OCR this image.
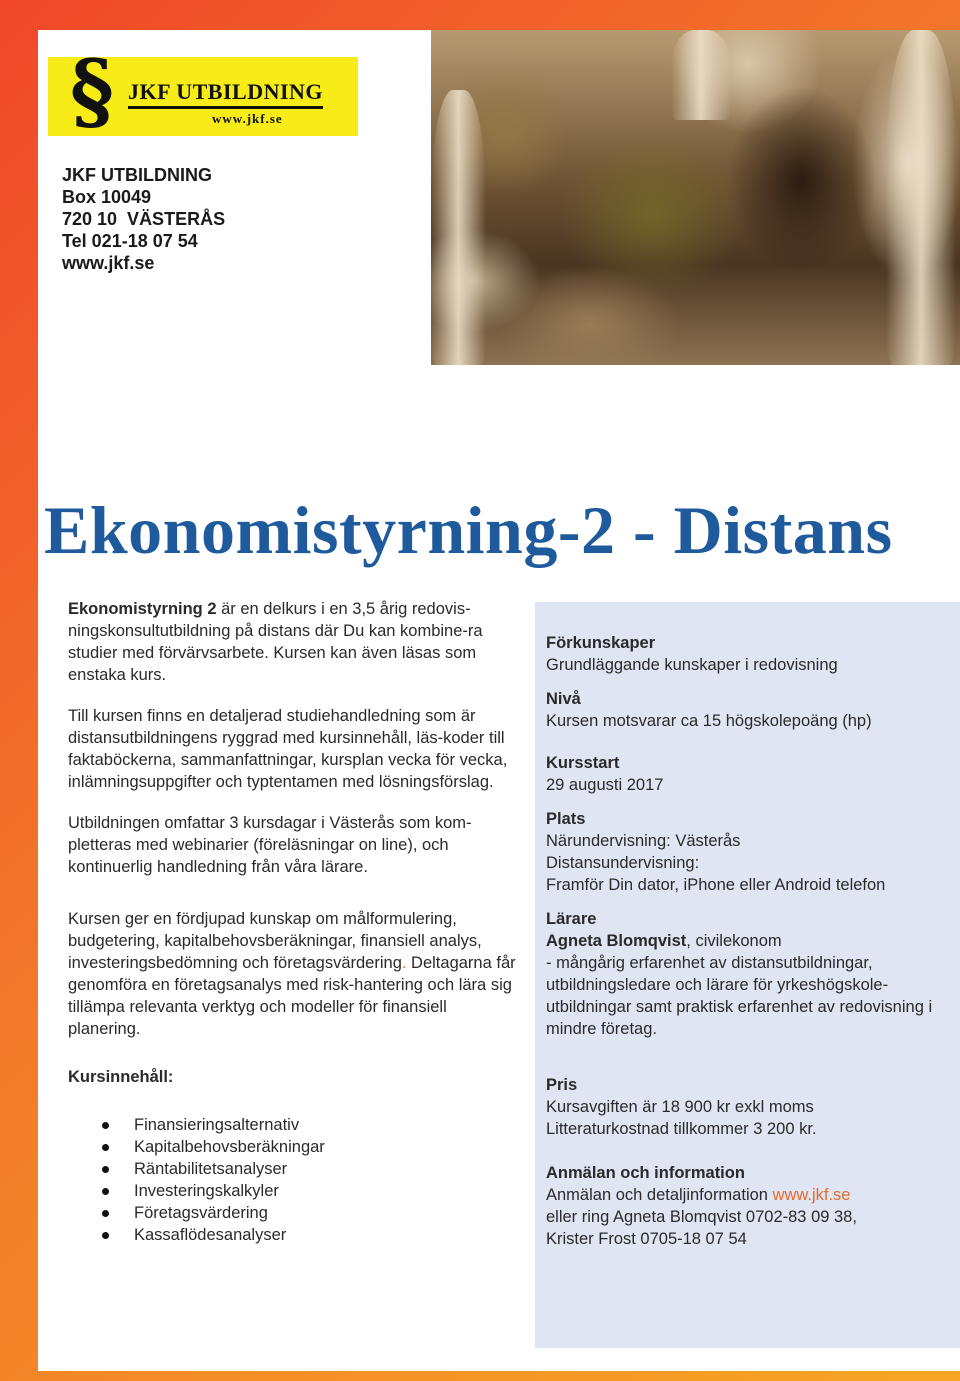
§ JKF UTBILDNING
www.jkf.se
JKF UTBILDNING
Box 10049
720 10  VÄSTERÅS
Tel 021-18 07 54
www.jkf.se
Ekonomistyrning-2 - Distans

Ekonomistyrning 2 är en delkurs i en 3,5 årig redovis-ningskonsultutbildning på distans där Du kan kombine-ra studier med förvärvsarbete. Kursen kan även läsas som enstaka kurs.

Till kursen finns en detaljerad studiehandledning som är distansutbildningens ryggrad med kursinnehåll, läs-koder till faktaböckerna, sammanfattningar, kursplan vecka för vecka, inlämningsuppgifter och typtentamen med lösningsförslag.

Utbildningen omfattar 3 kursdagar i Västerås som kom-pletteras med webinarier (föreläsningar on line), och kontinuerlig handledning från våra lärare.

Kursen ger en fördjupad kunskap om målformulering, budgetering, kapitalbehovsberäkningar, finansiell analys, investeringsbedömning och företagsvärdering. Deltagarna får genomföra en företagsanalys med risk-hantering och lära sig tillämpa relevanta verktyg och modeller för finansiell planering.

Kursinnehåll:
Finansieringsalternativ
Kapitalbehovsberäkningar
Räntabilitetsanalyser
Investeringskalkyler
Företagsvärdering
Kassaflödesanalyser
Förkunskaper
Grundläggande kunskaper i redovisning
Nivå
Kursen motsvarar ca 15 högskolepoäng (hp)
Kursstart
29 augusti 2017
Plats
Närundervisning: Västerås
Distansundervisning:
Framför Din dator, iPhone eller Android telefon
Lärare
Agneta Blomqvist, civilekonom
- mångårig erfarenhet av distansutbildningar, utbildningsledare och lärare för yrkeshögskole-utbildningar samt praktisk erfarenhet av redovisning i mindre företag.
Pris
Kursavgiften är 18 900 kr exkl moms
Litteraturkostnad tillkommer 3 200 kr.
Anmälan och information
Anmälan och detaljinformation www.jkf.se
eller ring Agneta Blomqvist 0702-83 09 38,
Krister Frost 0705-18 07 54
